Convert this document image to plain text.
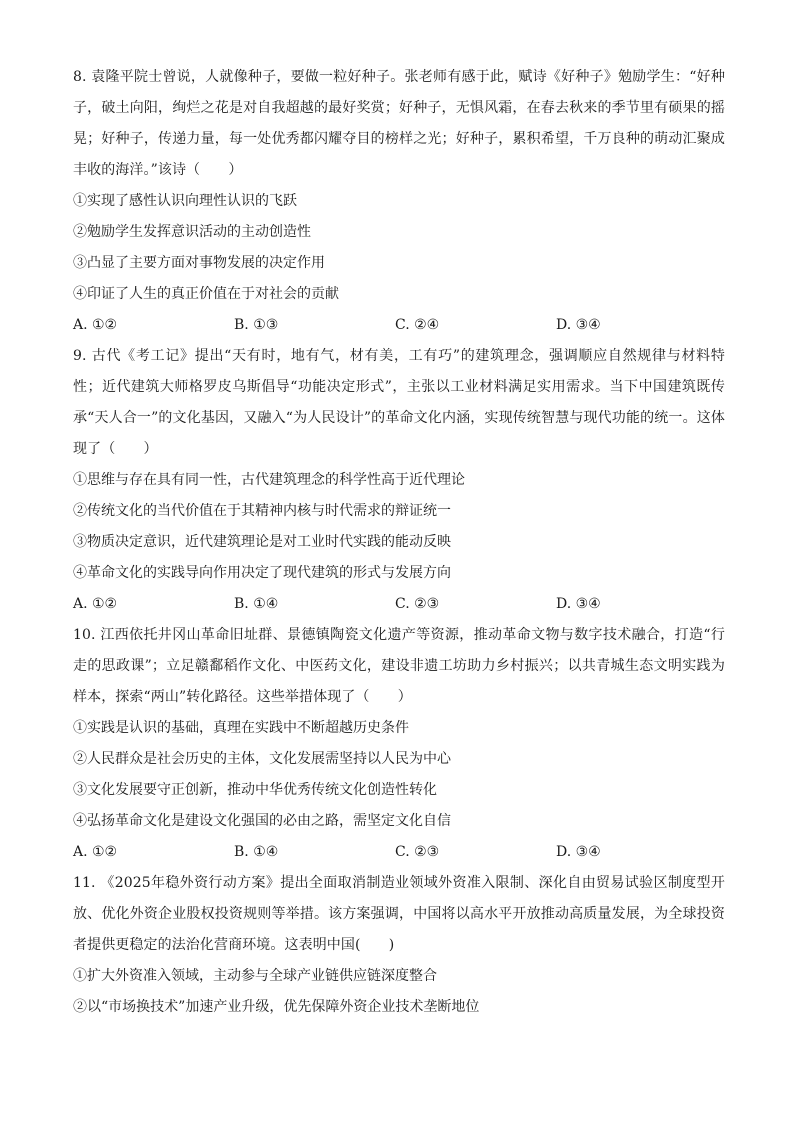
8. 袁隆平院士曾说，人就像种子，要做一粒好种子。张老师有感于此，赋诗《好种子》勉励学生：“好种子，破土向阳，绚烂之花是对自我超越的最好奖赏；好种子，无惧风霜，在春去秋来的季节里有硕果的摇晃；好种子，传递力量，每一处优秀都闪耀夺目的榜样之光；好种子，累积希望，千万良种的萌动汇聚成丰收的海洋。”该诗（　　）

①实现了感性认识向理性认识的飞跃

②勉励学生发挥意识活动的主动创造性

③凸显了主要方面对事物发展的决定作用

④印证了人生的真正价值在于对社会的贡献

A. ①②	B. ①③	C. ②④	D. ③④

9. 古代《考工记》提出“天有时，地有气，材有美，工有巧”的建筑理念，强调顺应自然规律与材料特性；近代建筑大师格罗皮乌斯倡导“功能决定形式”，主张以工业材料满足实用需求。当下中国建筑既传承“天人合一”的文化基因，又融入“为人民设计”的革命文化内涵，实现传统智慧与现代功能的统一。这体现了（　　）

①思维与存在具有同一性，古代建筑理念的科学性高于近代理论

②传统文化的当代价值在于其精神内核与时代需求的辩证统一

③物质决定意识，近代建筑理论是对工业时代实践的能动反映

④革命文化的实践导向作用决定了现代建筑的形式与发展方向

A. ①②	B. ①④	C. ②③	D. ③④

10. 江西依托井冈山革命旧址群、景德镇陶瓷文化遗产等资源，推动革命文物与数字技术融合，打造“行走的思政课”；立足赣鄱稻作文化、中医药文化，建设非遗工坊助力乡村振兴；以共青城生态文明实践为样本，探索“两山”转化路径。这些举措体现了（　　）

①实践是认识的基础，真理在实践中不断超越历史条件

②人民群众是社会历史的主体，文化发展需坚持以人民为中心

③文化发展要守正创新，推动中华优秀传统文化创造性转化

④弘扬革命文化是建设文化强国的必由之路，需坚定文化自信

A. ①②	B. ①④	C. ②③	D. ③④

11. 《2025年稳外资行动方案》提出全面取消制造业领域外资准入限制、深化自由贸易试验区制度型开放、优化外资企业股权投资规则等举措。该方案强调，中国将以高水平开放推动高质量发展，为全球投资者提供更稳定的法治化营商环境。这表明中国(　　)

①扩大外资准入领域，主动参与全球产业链供应链深度整合

②以“市场换技术”加速产业升级，优先保障外资企业技术垄断地位
